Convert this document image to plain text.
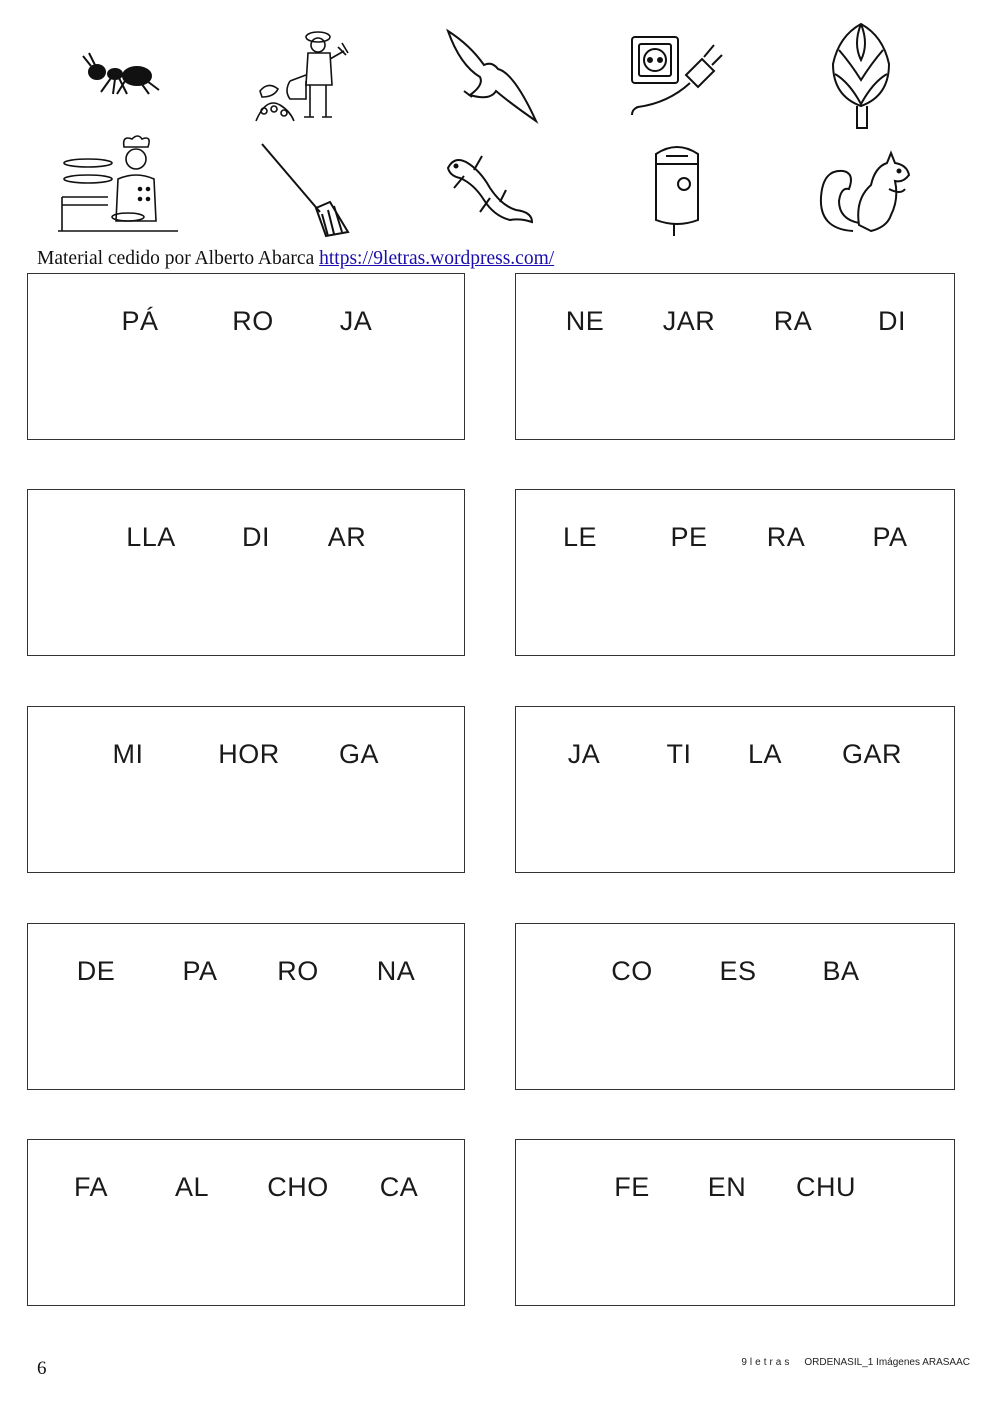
Material cedido por Alberto Abarca https://9letras.wordpress.com/
PÁ	RO JA	NE JAR RA DI
LLA DI AR	LE	PE RA PA
MI	HOR GA	JA TI LA GAR
DE PA RO NA	CO ES BA
FA AL CHO CA	FE EN CHU
6	9letras ORDENASIL_1 Imágenes ARASAAC
